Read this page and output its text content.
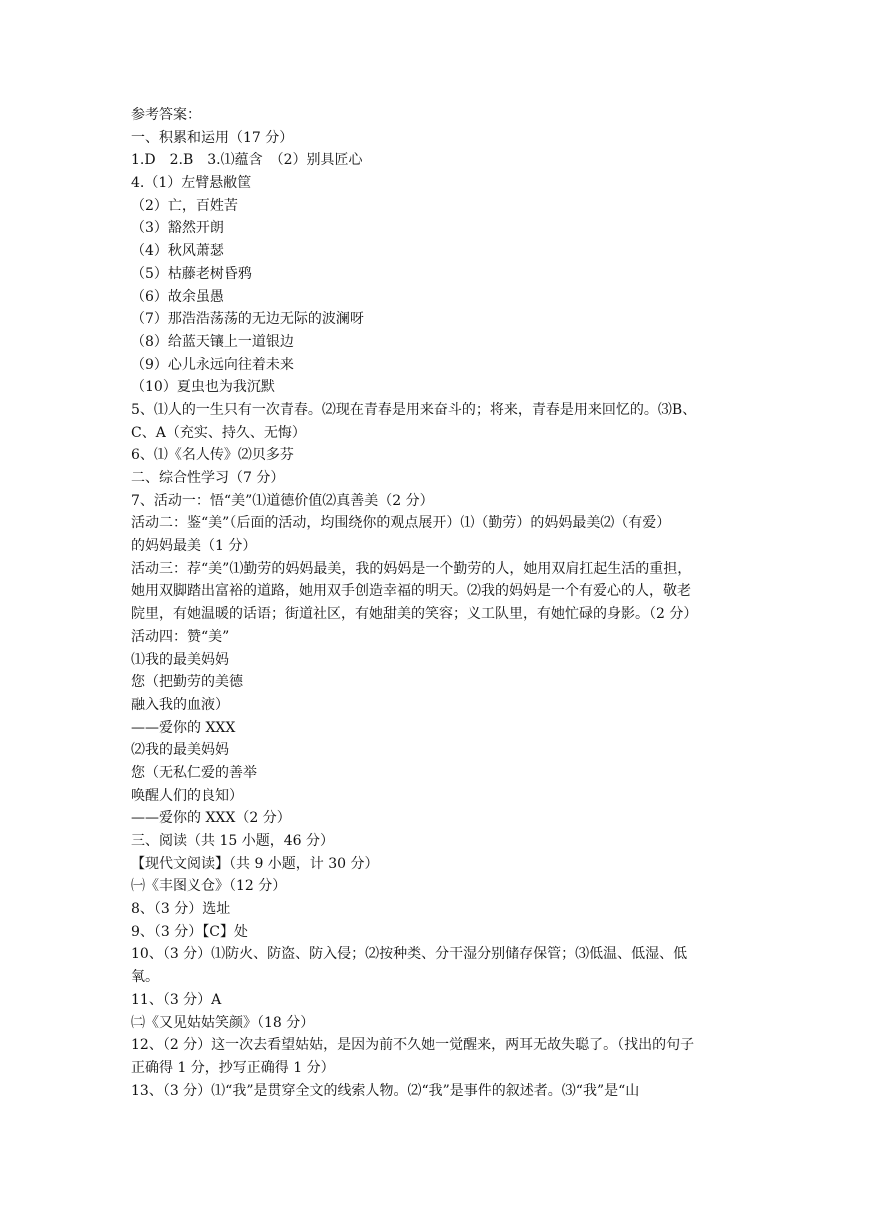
参考答案：
一、积累和运用（17 分）
1.D　2.B　3.⑴蕴含　（2）别具匠心
4.（1）左臂悬敝筐
（2）亡，百姓苦
（3）豁然开朗
（4）秋风萧瑟
（5）枯藤老树昏鸦
（6）故余虽愚
（7）那浩浩荡荡的无边无际的波澜呀
（8）给蓝天镶上一道银边
（9）心儿永远向往着未来
（10）夏虫也为我沉默
5、⑴人的一生只有一次青春。⑵现在青春是用来奋斗的；将来，青春是用来回忆的。⑶B、
C、A（充实、持久、无悔）
6、⑴《名人传》⑵贝多芬
二、综合性学习（7 分）
7、活动一：悟“美”⑴道德价值⑵真善美（2 分）
活动二：鉴“美”（后面的活动，均围绕你的观点展开）⑴（勤劳）的妈妈最美⑵（有爱）
的妈妈最美（1 分）
活动三：荐“美”⑴勤劳的妈妈最美，我的妈妈是一个勤劳的人，她用双肩扛起生活的重担，
她用双脚踏出富裕的道路，她用双手创造幸福的明天。⑵我的妈妈是一个有爱心的人，敬老
院里，有她温暖的话语；街道社区，有她甜美的笑容；义工队里，有她忙碌的身影。（2 分）
活动四：赞“美”
⑴我的最美妈妈
您（把勤劳的美德
融入我的血液）
——爱你的 XXX
⑵我的最美妈妈
您（无私仁爱的善举
唤醒人们的良知）
——爱你的 XXX（2 分）
三、阅读（共 15 小题，46 分）
【现代文阅读】（共 9 小题，计 30 分）
㈠《丰图义仓》（12 分）
8、（3 分）选址
9、（3 分）【C】处
10、（3 分）⑴防火、防盗、防入侵；⑵按种类、分干湿分别储存保管；⑶低温、低湿、低
氧。
11、（3 分）A
㈡《又见姑姑笑颜》（18 分）
12、（2 分）这一次去看望姑姑，是因为前不久她一觉醒来，两耳无故失聪了。（找出的句子
正确得 1 分，抄写正确得 1 分）
13、（3 分）⑴“我”是贯穿全文的线索人物。⑵“我”是事件的叙述者。⑶“我”是“山
